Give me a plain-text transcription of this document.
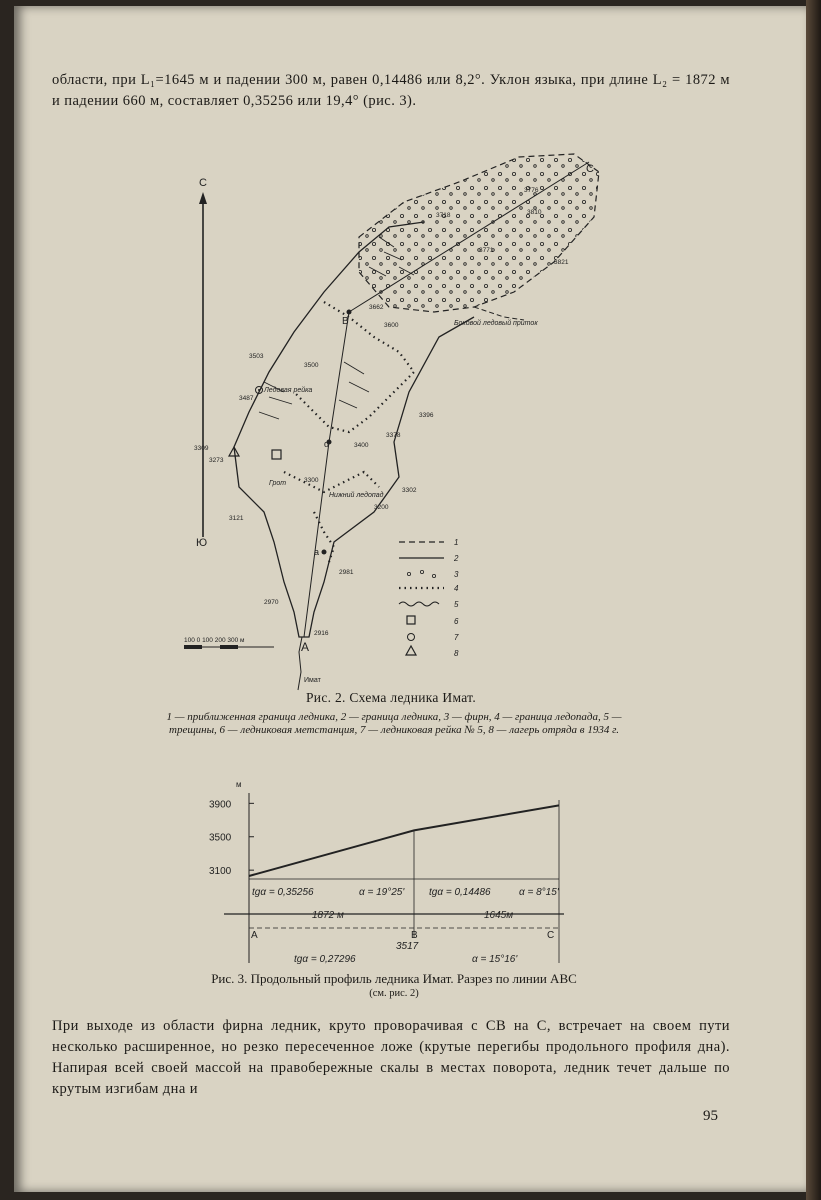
области, при L₁=1645 м и падении 300 м, равен 0,14486 или 8,2°. Уклон языка, при длине L₂ = 1872 м и падении 660 м, составляет 0,35256 или 19,4° (рис. 3).

С
Ю
A
B
C
a
d
3718
3776
3810
3821
3771
3662
3600
3503
3500
3487
3400
3396
3378
3309
3273
3300
3302
3200
3121
2981
2970
2916
Боковой ледовый приток
Ледовая рейка
Нижний ледопад
Грот
Имат
100 0 100 200 300 м
1
2
3
4
5
6
7
8

Рис. 2. Схема ледника Имат.

1 — приближенная граница ледника, 2 — граница ледника, 3 — фирн, 4 — граница ледопада, 5 — трещины, 6 — ледниковая метстанция, 7 — ледниковая рейка № 5, 8 — лагерь отряда в 1934 г.

м
3900
3500
3100
tgα = 0,35256	α = 19°25' tgα = 0,14486	α = 8°15'
1872 м	1645м
3517
tgα = 0,27296	α = 15°16'
A	B	C

Рис. 3. Продольный профиль ледника Имат. Разрез по линии ABC

(см. рис. 2)

При выходе из области фирна ледник, круто проворачивая с СВ на С, встречает на своем пути несколько расширенное, но резко пересеченное ложе (крутые перегибы продольного профиля дна). Напирая всей своей массой на правобережные скалы в местах поворота, ледник течет дальше по крутым изгибам дна и

95
